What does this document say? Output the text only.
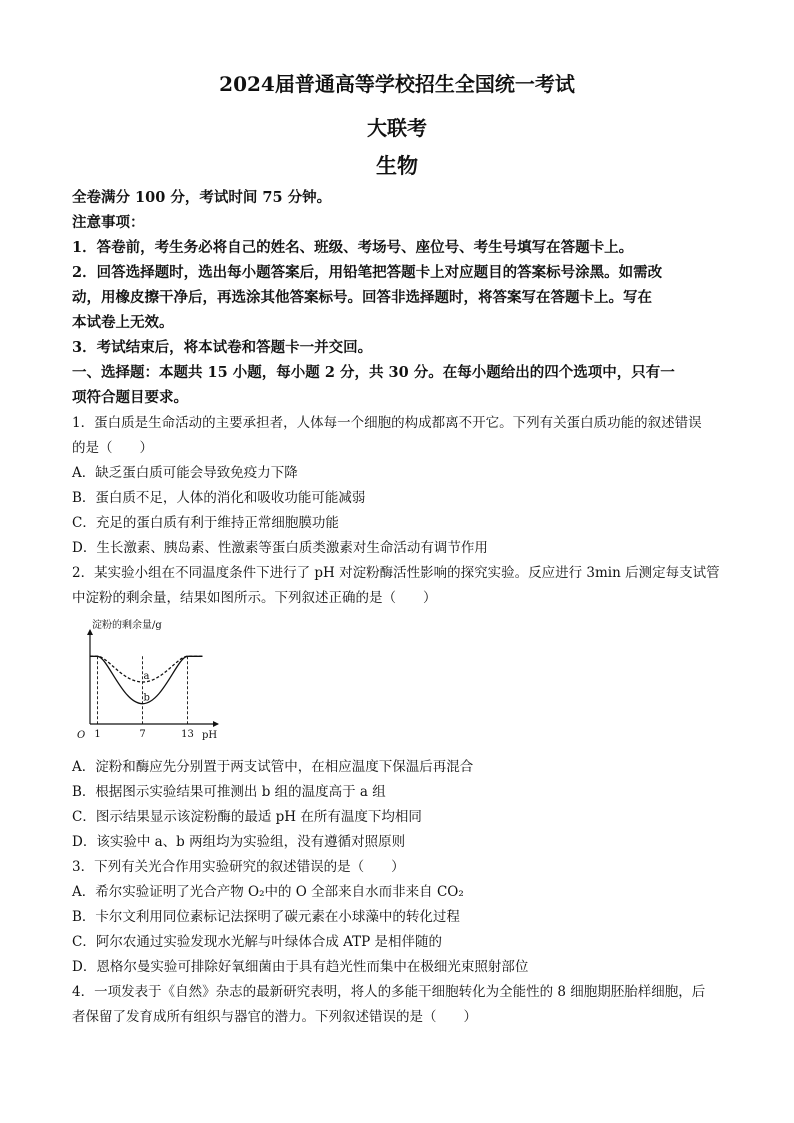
2024届普通高等学校招生全国统一考试
大联考
生物
全卷满分 100 分，考试时间 75 分钟。
注意事项：
1．答卷前，考生务必将自己的姓名、班级、考场号、座位号、考生号填写在答题卡上。
2．回答选择题时，选出每小题答案后，用铅笔把答题卡上对应题目的答案标号涂黑。如需改
动，用橡皮擦干净后，再选涂其他答案标号。回答非选择题时，将答案写在答题卡上。写在
本试卷上无效。
3．考试结束后，将本试卷和答题卡一并交回。
一、选择题：本题共 15 小题，每小题 2 分，共 30 分。在每小题给出的四个选项中，只有一
项符合题目要求。
1．蛋白质是生命活动的主要承担者，人体每一个细胞的构成都离不开它。下列有关蛋白质功能的叙述错误
的是（　　）
A．缺乏蛋白质可能会导致免疫力下降
B．蛋白质不足，人体的消化和吸收功能可能减弱
C．充足的蛋白质有利于维持正常细胞膜功能
D．生长激素、胰岛素、性激素等蛋白质类激素对生命活动有调节作用
2．某实验小组在不同温度条件下进行了 pH 对淀粉酶活性影响的探究实验。反应进行 3min 后测定每支试管
中淀粉的剩余量，结果如图所示。下列叙述正确的是（　　）
淀粉的剩余量/g
O	pH
1	7	13
a
b
A．淀粉和酶应先分别置于两支试管中，在相应温度下保温后再混合
B．根据图示实验结果可推测出 b 组的温度高于 a 组
C．图示结果显示该淀粉酶的最适 pH 在所有温度下均相同
D．该实验中 a、b 两组均为实验组，没有遵循对照原则
3．下列有关光合作用实验研究的叙述错误的是（　　）
A．希尔实验证明了光合产物 O₂中的 O 全部来自水而非来自 CO₂
B．卡尔文利用同位素标记法探明了碳元素在小球藻中的转化过程
C．阿尔农通过实验发现水光解与叶绿体合成 ATP 是相伴随的
D．恩格尔曼实验可排除好氧细菌由于具有趋光性而集中在极细光束照射部位
4．一项发表于《自然》杂志的最新研究表明，将人的多能干细胞转化为全能性的 8 细胞期胚胎样细胞，后
者保留了发育成所有组织与器官的潜力。下列叙述错误的是（　　）
